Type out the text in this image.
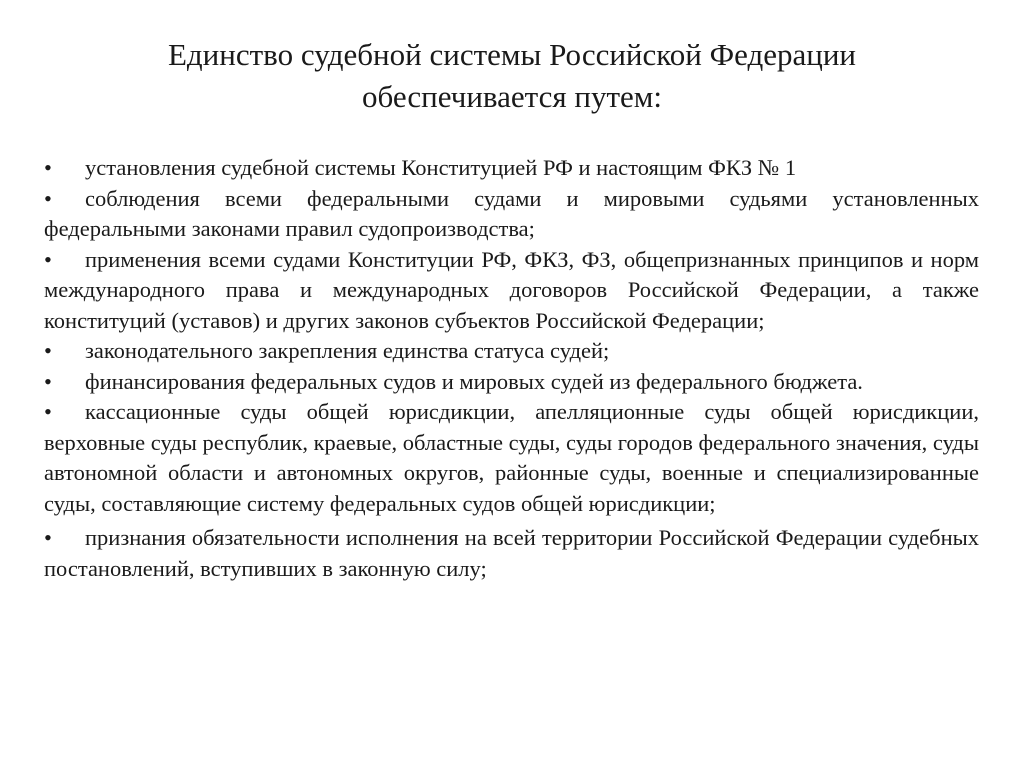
Единство судебной системы Российской Федерации
обеспечивается путем:

• установления судебной системы Конституцией РФ и настоящим ФКЗ № 1

• соблюдения всеми федеральными судами и мировыми судьями установленных федеральными законами правил судопроизводства;

• применения всеми судами Конституции РФ, ФКЗ, ФЗ, общепризнанных принципов и норм международного права и международных договоров Российской Федерации, а также конституций (уставов) и других законов субъектов Российской Федерации;

• законодательного закрепления единства статуса судей;

• финансирования федеральных судов и мировых судей из федерального бюджета.

• кассационные суды общей юрисдикции, апелляционные суды общей юрисдикции, верховные суды республик, краевые, областные суды, суды городов федерального значения, суды автономной области и автономных округов, районные суды, военные и специализированные суды, составляющие систему федеральных судов общей юрисдикции;

• признания обязательности исполнения на всей территории Российской Федерации судебных постановлений, вступивших в законную силу;
